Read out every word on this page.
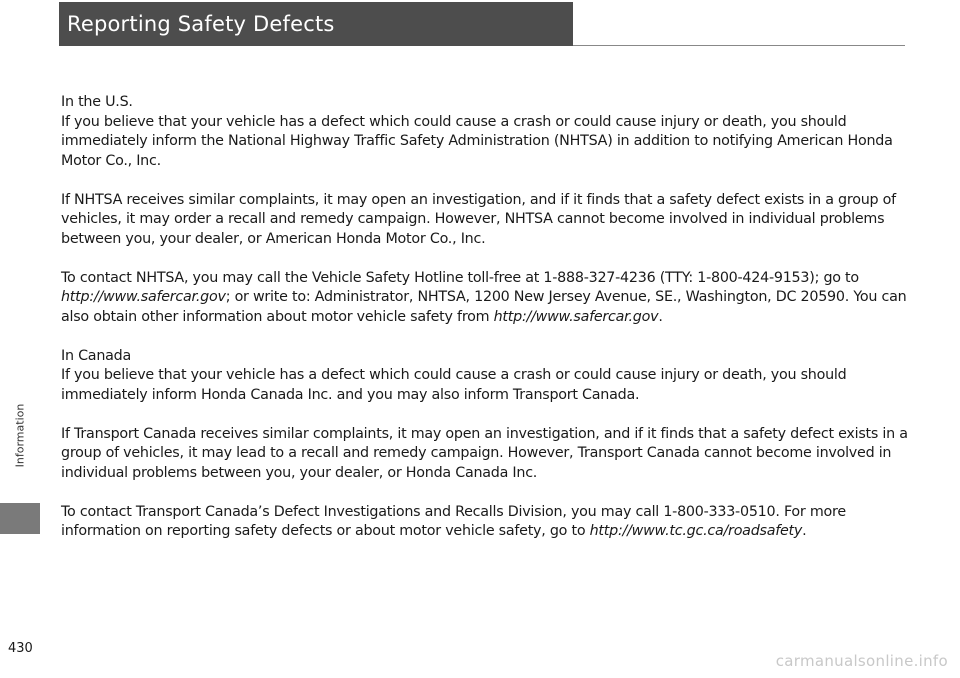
Reporting Safety Defects
Information

In the U.S.

If you believe that your vehicle has a defect which could cause a crash or could cause injury or death, you should immediately inform the National Highway Traffic Safety Administration (NHTSA) in addition to notifying American Honda Motor Co., Inc.

If NHTSA receives similar complaints, it may open an investigation, and if it finds that a safety defect exists in a group of vehicles, it may order a recall and remedy campaign. However, NHTSA cannot become involved in individual problems between you, your dealer, or American Honda Motor Co., Inc.

To contact NHTSA, you may call the Vehicle Safety Hotline toll-free at 1-888-327-4236 (TTY: 1-800-424-9153); go to http://www.safercar.gov; or write to: Administrator, NHTSA, 1200 New Jersey Avenue, SE., Washington, DC 20590. You can also obtain other information about motor vehicle safety from http://www.safercar.gov.

In Canada

If you believe that your vehicle has a defect which could cause a crash or could cause injury or death, you should immediately inform Honda Canada Inc. and you may also inform Transport Canada.

If Transport Canada receives similar complaints, it may open an investigation, and if it finds that a safety defect exists in a group of vehicles, it may lead to a recall and remedy campaign. However, Transport Canada cannot become involved in individual problems between you, your dealer, or Honda Canada Inc.

To contact Transport Canada’s Defect Investigations and Recalls Division, you may call 1-800-333-0510. For more information on reporting safety defects or about motor vehicle safety, go to http://www.tc.gc.ca/roadsafety.

430
carmanualsonline.info
